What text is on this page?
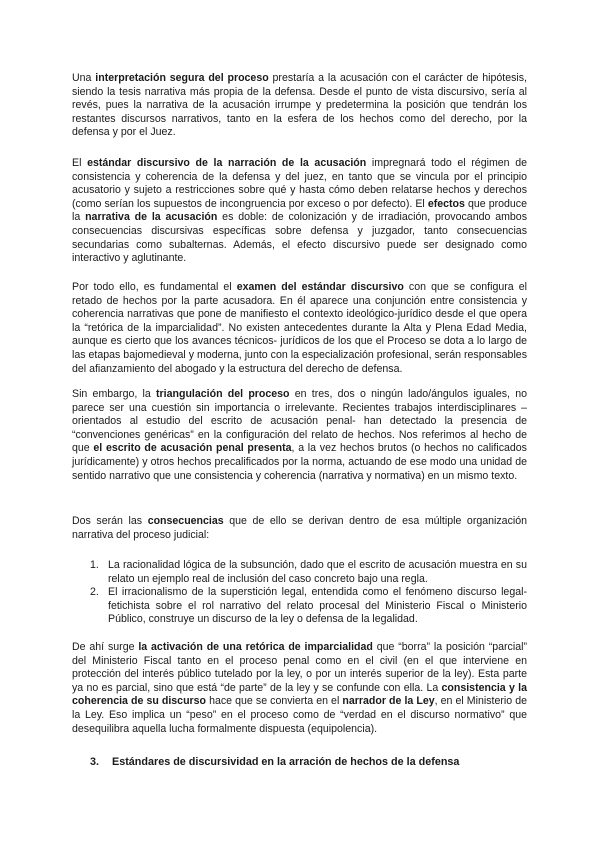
Una interpretación segura del proceso prestaría a la acusación con el carácter de hipótesis, siendo la tesis narrativa más propia de la defensa. Desde el punto de vista discursivo, sería al revés, pues la narrativa de la acusación irrumpe y predetermina la posición que tendrán los restantes discursos narrativos, tanto en la esfera de los hechos como del derecho, por la defensa y por el Juez.

El estándar discursivo de la narración de la acusación impregnará todo el régimen de consistencia y coherencia de la defensa y del juez, en tanto que se vincula por el principio acusatorio y sujeto a restricciones sobre qué y hasta cómo deben relatarse hechos y derechos (como serían los supuestos de incongruencia por exceso o por defecto). El efectos que produce la narrativa de la acusación es doble: de colonización y de irradiación, provocando ambos consecuencias discursivas específicas sobre defensa y juzgador, tanto consecuencias secundarias como subalternas. Además, el efecto discursivo puede ser designado como interactivo y aglutinante.

Por todo ello, es fundamental el examen del estándar discursivo con que se configura el retado de hechos por la parte acusadora. En él aparece una conjunción entre consistencia y coherencia narrativas que pone de manifiesto el contexto ideológico-jurídico desde el que opera la “retórica de la imparcialidad”. No existen antecedentes durante la Alta y Plena Edad Media, aunque es cierto que los avances técnicos- jurídicos de los que el Proceso se dota a lo largo de las etapas bajomedieval y moderna, junto con la especialización profesional, serán responsables del afianzamiento del abogado y la estructura del derecho de defensa.

Sin embargo, la triangulación del proceso en tres, dos o ningún lado/ángulos iguales, no parece ser una cuestión sin importancia o irrelevante. Recientes trabajos interdisciplinares –orientados al estudio del escrito de acusación penal- han detectado la presencia de “convenciones genéricas” en la configuración del relato de hechos. Nos referimos al hecho de que el escrito de acusación penal presenta, a la vez hechos brutos (o hechos no calificados jurídicamente) y otros hechos precalificados por la norma, actuando de ese modo una unidad de sentido narrativo que une consistencia y coherencia (narrativa y normativa) en un mismo texto.

Dos serán las consecuencias que de ello se derivan dentro de esa múltiple organización narrativa del proceso judicial:

1. La racionalidad lógica de la subsunción, dado que el escrito de acusación muestra en su relato un ejemplo real de inclusión del caso concreto bajo una regla.
2. El irracionalismo de la superstición legal, entendida como el fenómeno discurso legal-fetichista sobre el rol narrativo del relato procesal del Ministerio Fiscal o Ministerio Público, construye un discurso de la ley o defensa de la legalidad.

De ahí surge la activación de una retórica de imparcialidad que “borra” la posición “parcial” del Ministerio Fiscal tanto en el proceso penal como en el civil (en el que interviene en protección del interés público tutelado por la ley, o por un interés superior de la ley). Esta parte ya no es parcial, sino que está “de parte” de la ley y se confunde con ella. La consistencia y la coherencia de su discurso hace que se convierta en el narrador de la Ley, en el Ministerio de la Ley. Eso implica un “peso” en el proceso como de “verdad en el discurso normativo” que desequilibra aquella lucha formalmente dispuesta (equipolencia).

3. Estándares de discursividad en la arración de hechos de la defensa
